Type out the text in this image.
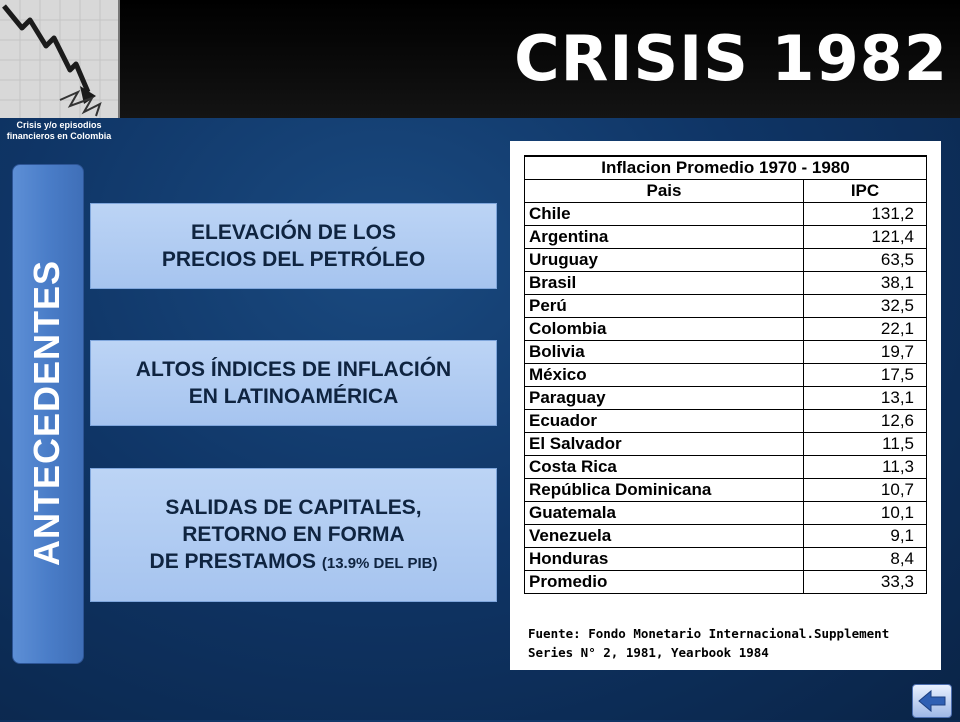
Crisis y/o episodios financieros en Colombia
CRISIS 1982
ANTECEDENTES
ELEVACIÓN DE LOS
PRECIOS DEL PETRÓLEO
ALTOS ÍNDICES DE INFLACIÓN
EN LATINOAMÉRICA
SALIDAS DE CAPITALES,
RETORNO EN FORMA
DE PRESTAMOS (13.9% DEL PIB)
Inflacion Promedio 1970 - 1980	
Pais	IPC
Chile	131,2
Argentina	121,4
Uruguay	63,5
Brasil	38,1
Perú	32,5
Colombia	22,1
Bolivia	19,7
México	17,5
Paraguay	13,1
Ecuador	12,6
El Salvador	11,5
Costa Rica	11,3
República Dominicana	10,7
Guatemala	10,1
Venezuela	9,1
Honduras	8,4
Promedio	33,3
Fuente: Fondo Monetario Internacional.Supplement
Series N° 2, 1981, Yearbook 1984
